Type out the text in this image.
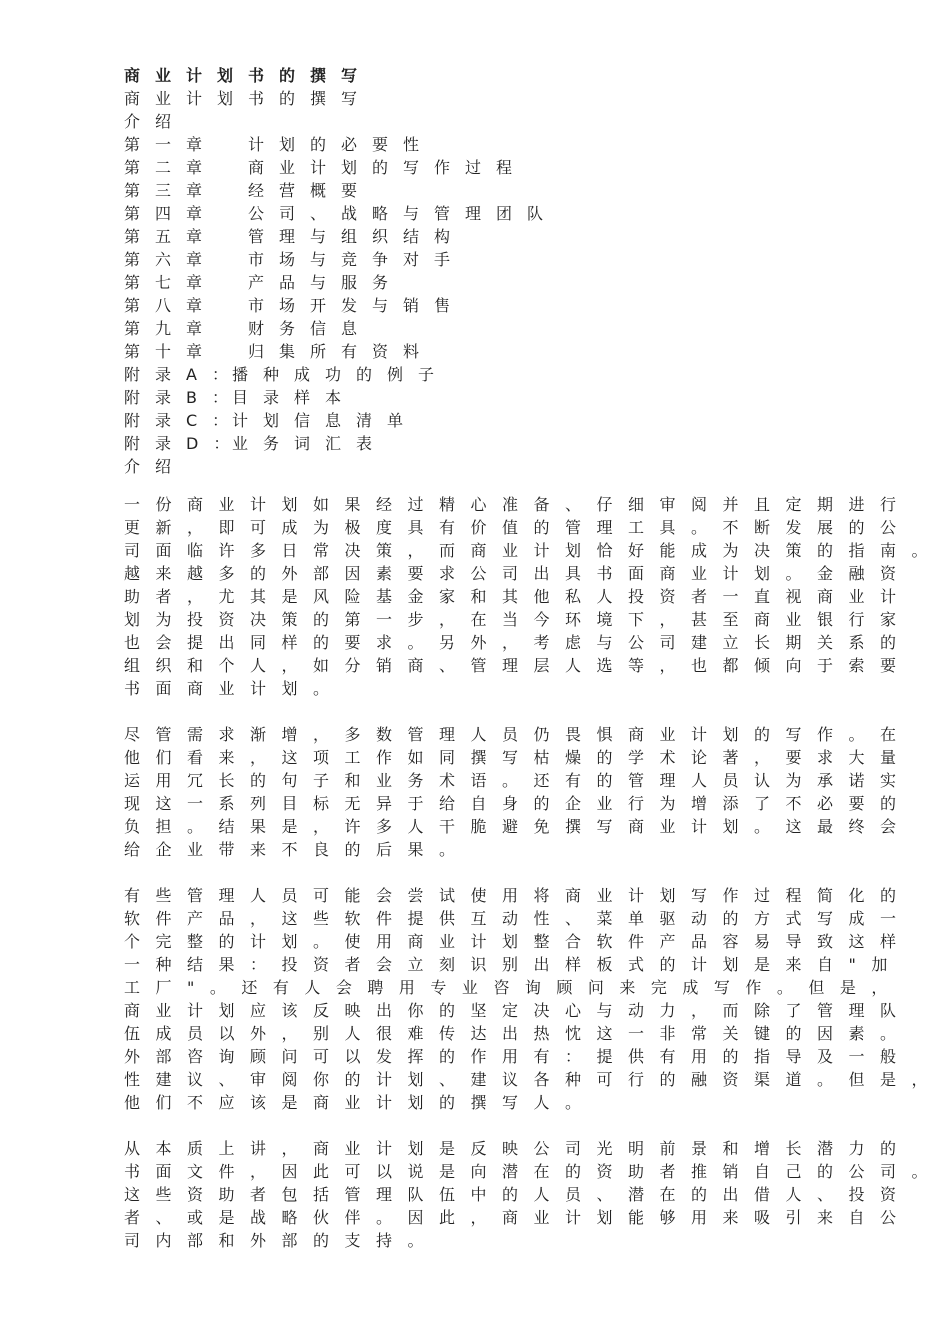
商业计划书的撰写
商业计划书的撰写
介绍
第一章	计划的必要性
第二章	商业计划的写作过程
第三章	经营概要
第四章	公司、战略与管理团队
第五章	管理与组织结构
第六章	市场与竞争对手
第七章	产品与服务
第八章	市场开发与销售
第九章	财务信息
第十章	归集所有资料
附录A：
播种成功的例子
附录B：
目录样本
附录C：
计划信息清单
附录D：
业务词汇表
介绍
一份商业计划如果经过精心准备、仔细审阅并且定期进行
更新，即可成为极度具有价值的管理工具。不断发展的公
司面临许多日常决策，而商业计划恰好能成为决策的指南。
越来越多的外部因素要求公司出具书面商业计划。金融资
助者，尤其是风险基金家和其他私人投资者一直视商业计
划为投资决策的第一步，在当今环境下，甚至商业银行家
也会提出同样的要求。另外，考虑与公司建立长期关系的
组织和个人，如分销商、管理层人选等，也都倾向于索要
书面商业计划。
尽管需求渐增，多数管理人员仍畏惧商业计划的写作。在
他们看来，这项工作如同撰写枯燥的学术论著，要求大量
运用冗长的句子和业务术语。还有的管理人员认为承诺实
现这一系列目标无异于给自身的企业行为增添了不必要的
负担。结果是，许多人干脆避免撰写商业计划。这最终会
给企业带来不良的后果。
有些管理人员可能会尝试使用将商业计划写作过程简化的
软件产品，这些软件提供互动性、菜单驱动的方式写成一
个完整的计划。使用商业计划整合软件产品容易导致这样
一种结果：投资者会立刻识别出样板式的计划是来自"加
工厂"。还有人会聘用专业咨询顾问来完成写作。但是，
商业计划应该反映出你的坚定决心与动力，而除了管理队
伍成员以外，别人很难传达出热忱这一非常关键的因素。
外部咨询顾问可以发挥的作用有：提供有用的指导及一般
性建议、审阅你的计划、建议各种可行的融资渠道。但是，
他们不应该是商业计划的撰写人。
从本质上讲，商业计划是反映公司光明前景和增长潜力的
书面文件，因此可以说是向潜在的资助者推销自己的公司。
这些资助者包括管理队伍中的人员、潜在的出借人、投资
者、或是战略伙伴。因此，商业计划能够用来吸引来自公
司内部和外部的支持。
